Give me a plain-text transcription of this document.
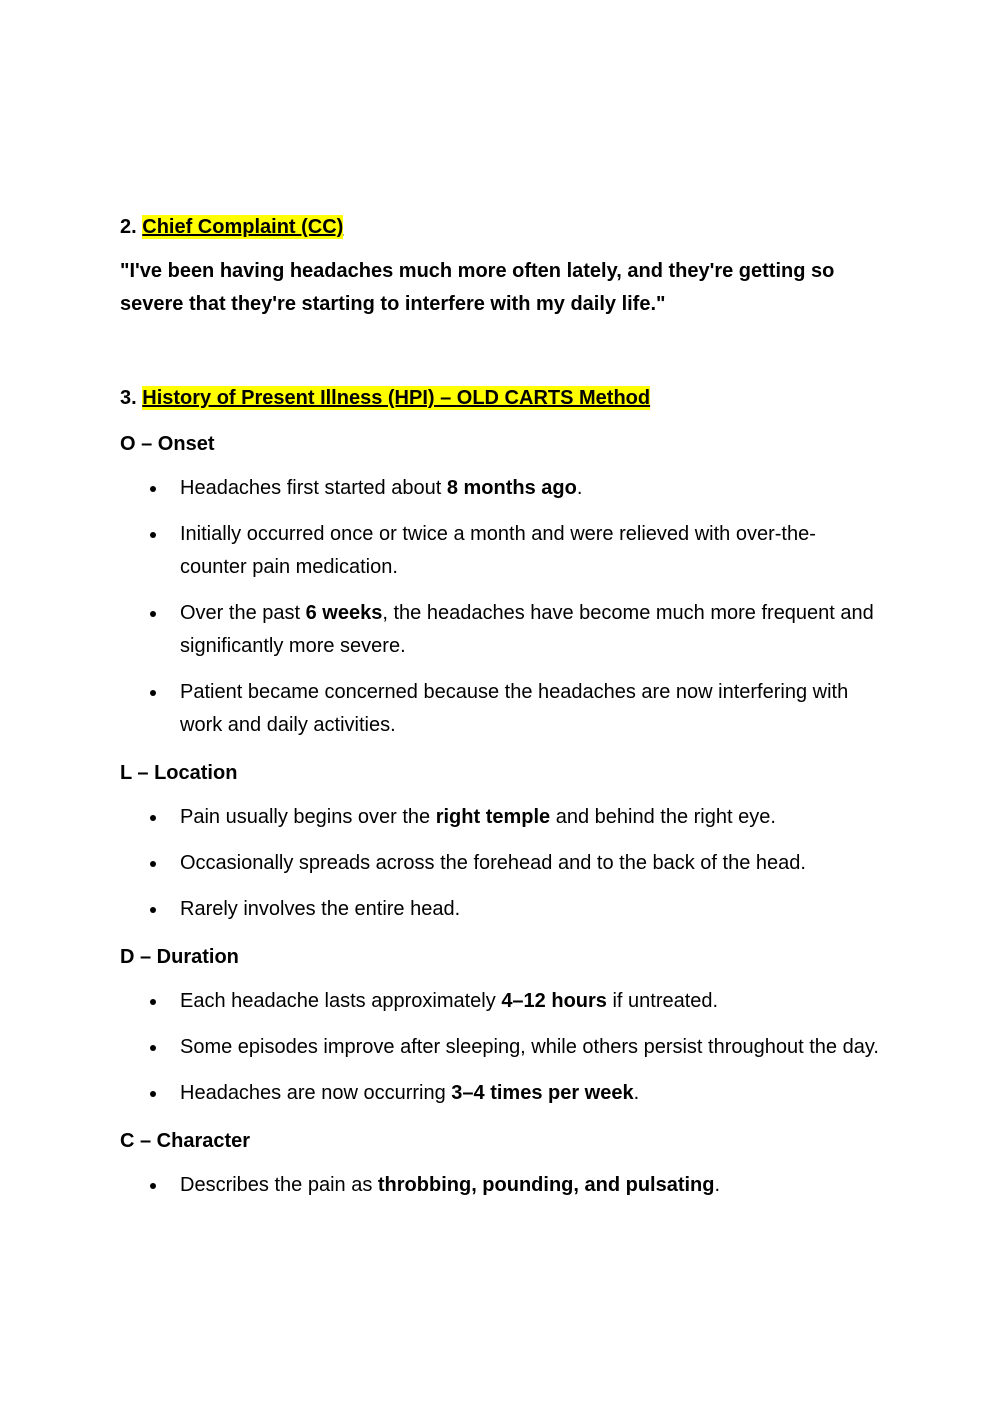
2. Chief Complaint (CC)

"I've been having headaches much more often lately, and they're getting so severe that they're starting to interfere with my daily life."

3. History of Present Illness (HPI) – OLD CARTS Method

O – Onset

Headaches first started about 8 months ago.
Initially occurred once or twice a month and were relieved with over-the-counter pain medication.
Over the past 6 weeks, the headaches have become much more frequent and significantly more severe.
Patient became concerned because the headaches are now interfering with work and daily activities.

L – Location

Pain usually begins over the right temple and behind the right eye.
Occasionally spreads across the forehead and to the back of the head.
Rarely involves the entire head.

D – Duration

Each headache lasts approximately 4–12 hours if untreated.
Some episodes improve after sleeping, while others persist throughout the day.
Headaches are now occurring 3–4 times per week.

C – Character

Describes the pain as throbbing, pounding, and pulsating.
